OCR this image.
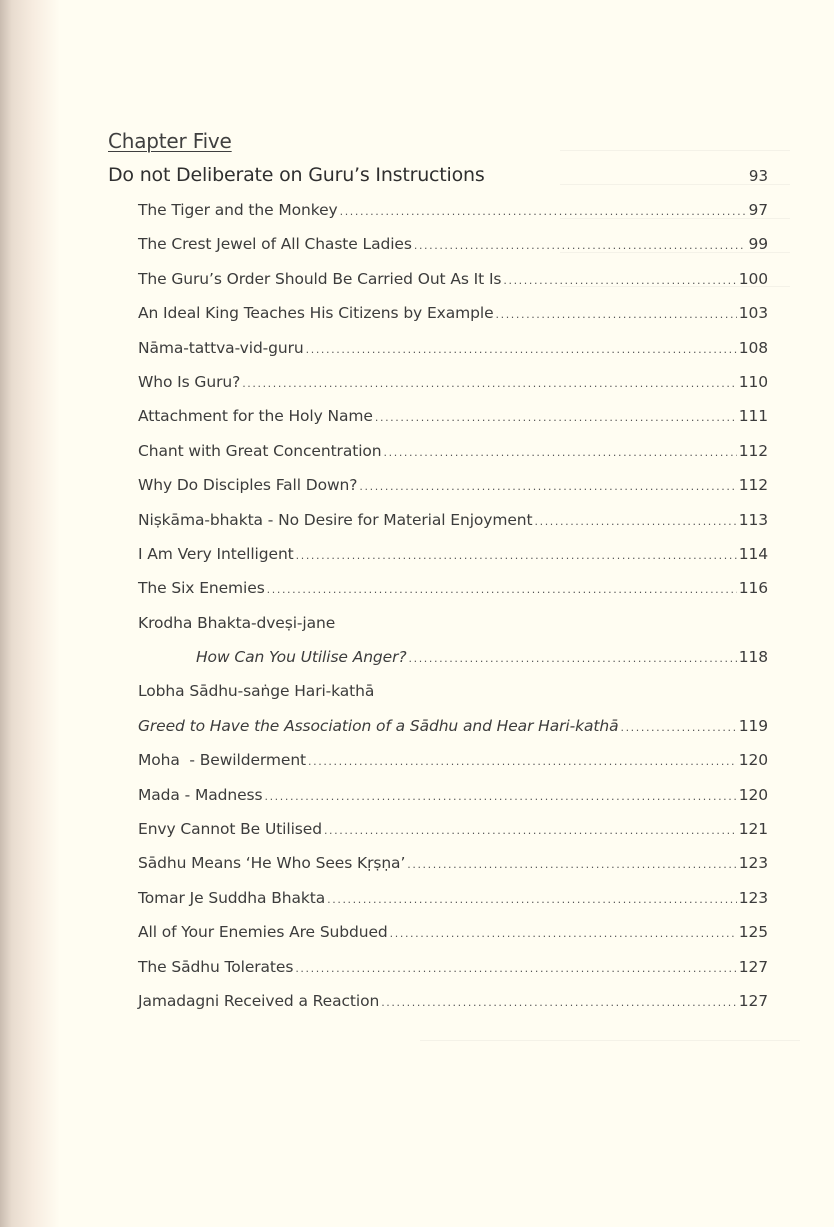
Chapter Five
Do not Deliberate on Guru’s Instructions	93
The Tiger and the Monkey .....	97
The Crest Jewel of All Chaste Ladies .....	99
The Guru’s Order Should Be Carried Out As It Is .....	100
An Ideal King Teaches His Citizens by Example .....	103
Nāma-tattva-vid-guru .....	108
Who Is Guru? .....	110
Attachment for the Holy Name .....	111
Chant with Great Concentration .....	112
Why Do Disciples Fall Down? .....	112
Niṣkāma-bhakta - No Desire for Material Enjoyment .....	113
I Am Very Intelligent .....	114
The Six Enemies .....	116
Krodha Bhakta-dveṣi-jane
How Can You Utilise Anger? .....	118
Lobha Sādhu-saṅge Hari-kathā
Greed to Have the Association of a Sādhu and Hear Hari-kathā .....	119
Moha  - Bewilderment .....	120
Mada - Madness .....	120
Envy Cannot Be Utilised .....	121
Sādhu Means ‘He Who Sees Kṛṣṇa’ .....	123
Tomar Je Suddha Bhakta .....	123
All of Your Enemies Are Subdued .....	125
The Sādhu Tolerates .....	127
Jamadagni Received a Reaction .....	127
